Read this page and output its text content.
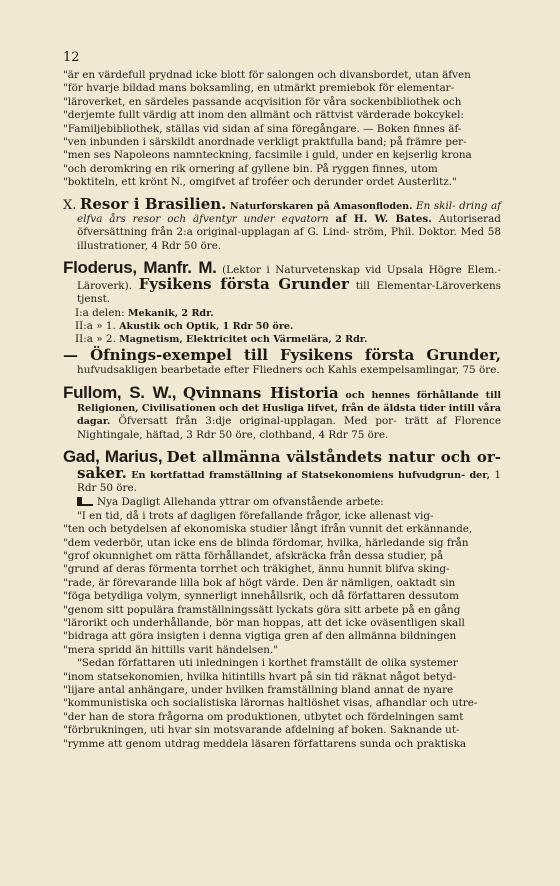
12

"är en värdefull prydnad icke blott för salongen och divansbordet, utan äfven

"för hvarje bildad mans boksamling, en utmärkt premiebok för elementar-

"läroverket, en särdeles passande acqvisition för våra sockenbibliothek och

"derjemte fullt värdig att inom den allmänt och rättvist värderade bokcykel:

"Familjebibliothek, ställas vid sidan af sina föregångare. — Boken finnes äf-

"ven inbunden i särskildt anordnade verkligt praktfulla band; på främre per-

"men ses Napoleons namnteckning, facsimile i guld, under en kejserlig krona

"och deromkring en rik ornering af gyllene bin. På ryggen finnes, utom

"boktiteln, ett krönt N., omgifvet af troféer och derunder ordet Austerlitz."

X. Resor i Brasilien. Naturforskaren på Amasonfloden. En skil- dring af elfva års resor och äfventyr under eqvatorn af H. W. Bates. Autoriserad öfversättning från 2:a original-upplagan af G. Lind- ström, Phil. Doktor. Med 58 illustrationer, 4 Rdr 50 öre.

Floderus, Manfr. M. (Lektor i Naturvetenskap vid Upsala Högre Elem.- Läroverk). Fysikens första Grunder till Elementar-Läroverkens tjenst.

I:a delen: Mekanik, 2 Rdr.

II:a » 1. Akustik och Optik, 1 Rdr 50 öre.

II:a » 2. Magnetism, Elektricitet och Värmelära, 2 Rdr.

— Öfnings-exempel till Fysikens första Grunder, hufvudsakligen bearbetade efter Fliedners och Kahls exempelsamlingar, 75 öre.

Fullom, S. W., Qvinnans Historia och hennes förhållande till Religionen, Civilisationen och det Husliga lifvet, från de äldsta tider intill våra dagar. Öfversatt från 3:dje original-upplagan. Med por- trätt af Florence Nightingale, häftad, 3 Rdr 50 öre, clothband, 4 Rdr 75 öre.

Gad, Marius, Det allmänna välståndets natur och or- saker. En kortfattad framställning af Statsekonomiens hufvudgrun- der, 1 Rdr 50 öre.

Nya Dagligt Allehanda yttrar om ofvanstående arbete:

"I en tid, då i trots af dagligen förefallande frågor, icke allenast vig-

"ten och betydelsen af ekonomiska studier långt ifrån vunnit det erkännande,

"dem vederbör, utan icke ens de blinda fördomar, hvilka, härledande sig från

"grof okunnighet om rätta förhållandet, afskräcka från dessa studier, på

"grund af deras förmenta torrhet och träkighet, ännu hunnit blifva sking-

"rade, är förevarande lilla bok af högt värde. Den är nämligen, oaktadt sin

"föga betydliga volym, synnerligt innehållsrik, och då författaren dessutom

"genom sitt populära framställningssätt lyckats göra sitt arbete på en gång

"lärorikt och underhållande, bör man hoppas, att det icke oväsentligen skall

"bidraga att göra insigten i denna vigtiga gren af den allmänna bildningen

"mera spridd än hittills varit händelsen."

"Sedan författaren uti inledningen i korthet framställt de olika systemer

"inom statsekonomien, hvilka hitintills hvart på sin tid räknat något betyd-

"lijare antal anhängare, under hvilken framställning bland annat de nyare

"kommunistiska och socialistiska lärornas haltlöshet visas, afhandlar och utre-

"der han de stora frågorna om produktionen, utbytet och fördelningen samt

"förbrukningen, uti hvar sin motsvarande afdelning af boken. Saknande ut-

"rymme att genom utdrag meddela läsaren författarens sunda och praktiska
